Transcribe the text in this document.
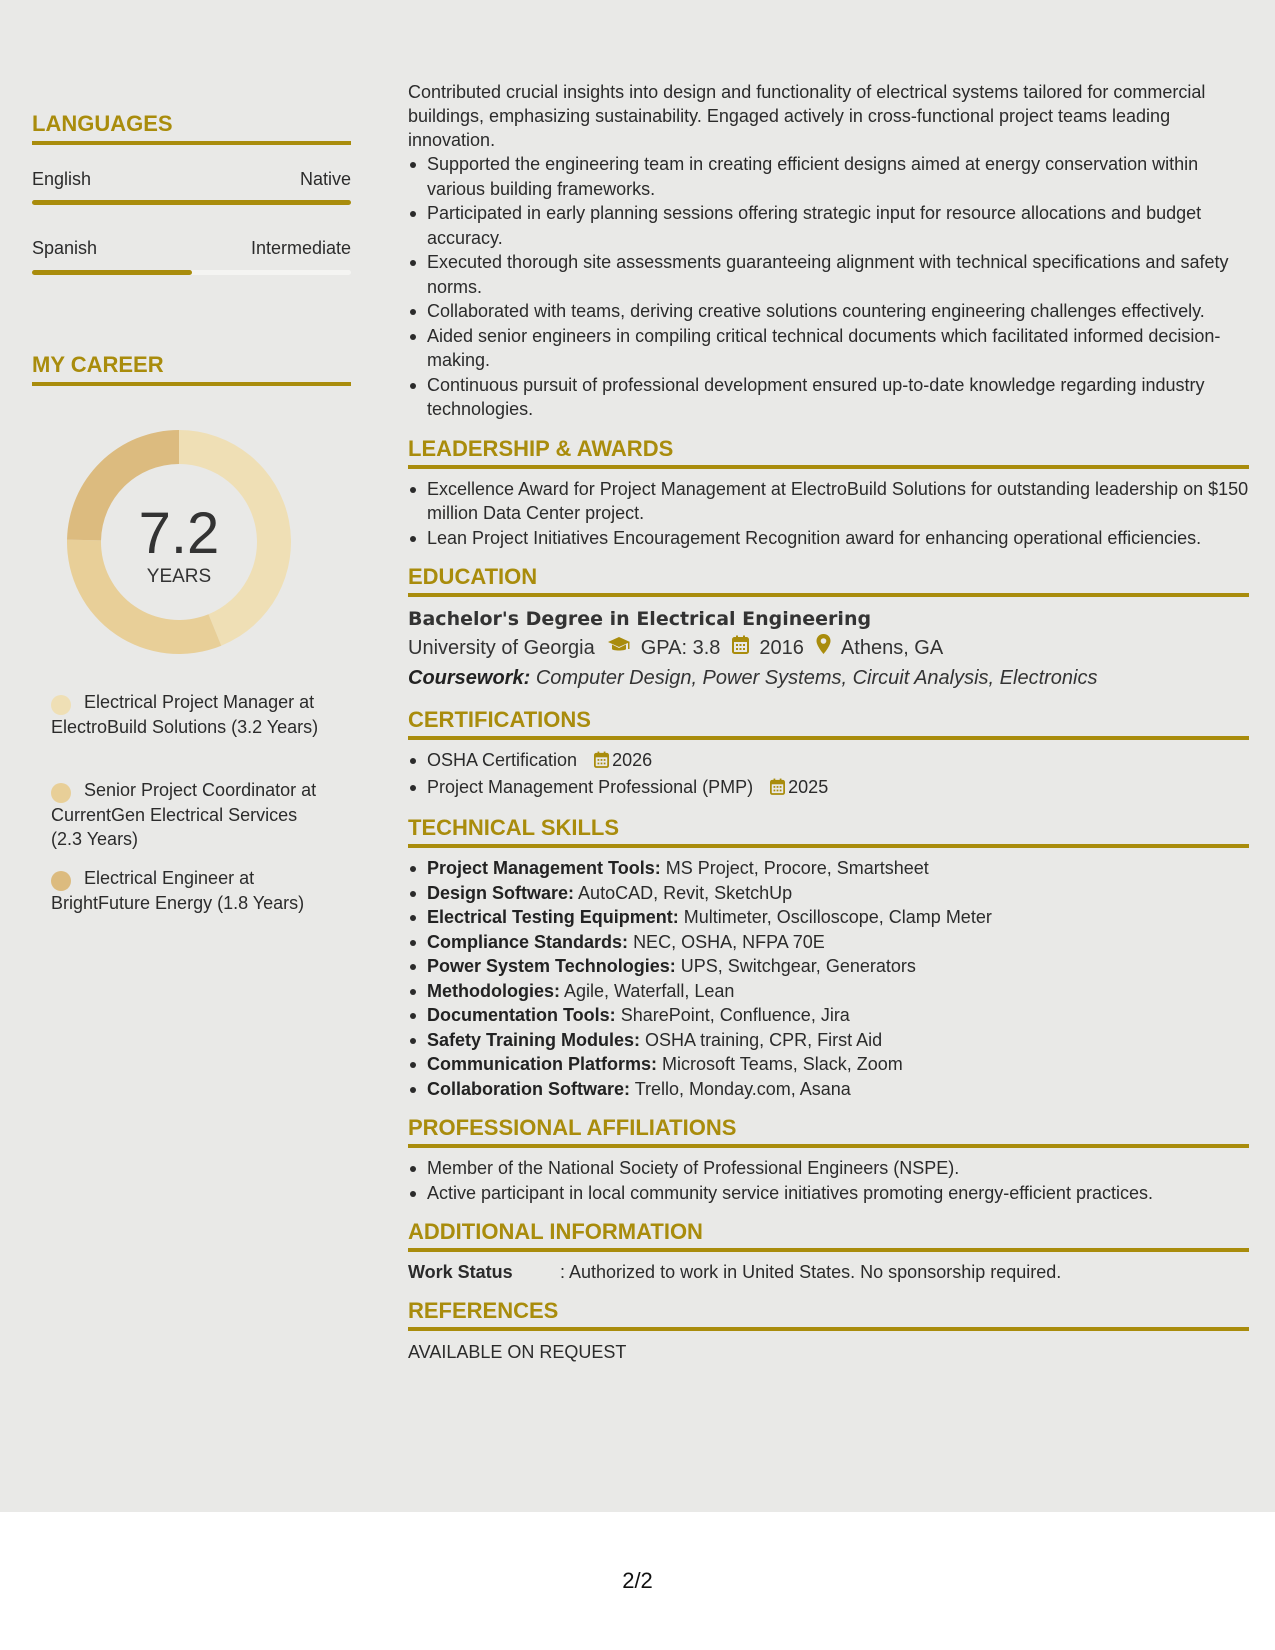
LANGUAGES
English	Native
Spanish	Intermediate
MY CAREER
7.2
YEARS
Electrical Project Manager at ElectroBuild Solutions (3.2 Years)
Senior Project Coordinator at CurrentGen Electrical Services (2.3 Years)
Electrical Engineer at BrightFuture Energy (1.8 Years)

Contributed crucial insights into design and functionality of electrical systems tailored for commercial buildings, emphasizing sustainability. Engaged actively in cross-functional project teams leading innovation.

Supported the engineering team in creating efficient designs aimed at energy conservation within various building frameworks.
Participated in early planning sessions offering strategic input for resource allocations and budget accuracy.
Executed thorough site assessments guaranteeing alignment with technical specifications and safety norms.
Collaborated with teams, deriving creative solutions countering engineering challenges effectively.
Aided senior engineers in compiling critical technical documents which facilitated informed decision-making.
Continuous pursuit of professional development ensured up-to-date knowledge regarding industry technologies.
LEADERSHIP & AWARDS
Excellence Award for Project Management at ElectroBuild Solutions for outstanding leadership on $150 million Data Center project.
Lean Project Initiatives Encouragement Recognition award for enhancing operational efficiencies.
EDUCATION
Bachelor's Degree in Electrical Engineering
University of Georgia GPA: 3.8 2016 Athens, GA
Coursework: Computer Design, Power Systems, Circuit Analysis, Electronics
CERTIFICATIONS
OSHA Certification 2026
Project Management Professional (PMP) 2025
TECHNICAL SKILLS
Project Management Tools: MS Project, Procore, Smartsheet
Design Software: AutoCAD, Revit, SketchUp
Electrical Testing Equipment: Multimeter, Oscilloscope, Clamp Meter
Compliance Standards: NEC, OSHA, NFPA 70E
Power System Technologies: UPS, Switchgear, Generators
Methodologies: Agile, Waterfall, Lean
Documentation Tools: SharePoint, Confluence, Jira
Safety Training Modules: OSHA training, CPR, First Aid
Communication Platforms: Microsoft Teams, Slack, Zoom
Collaboration Software: Trello, Monday.com, Asana
PROFESSIONAL AFFILIATIONS
Member of the National Society of Professional Engineers (NSPE).
Active participant in local community service initiatives promoting energy-efficient practices.
ADDITIONAL INFORMATION
Work Status	: Authorized to work in United States. No sponsorship required.
REFERENCES
AVAILABLE ON REQUEST
2/2
